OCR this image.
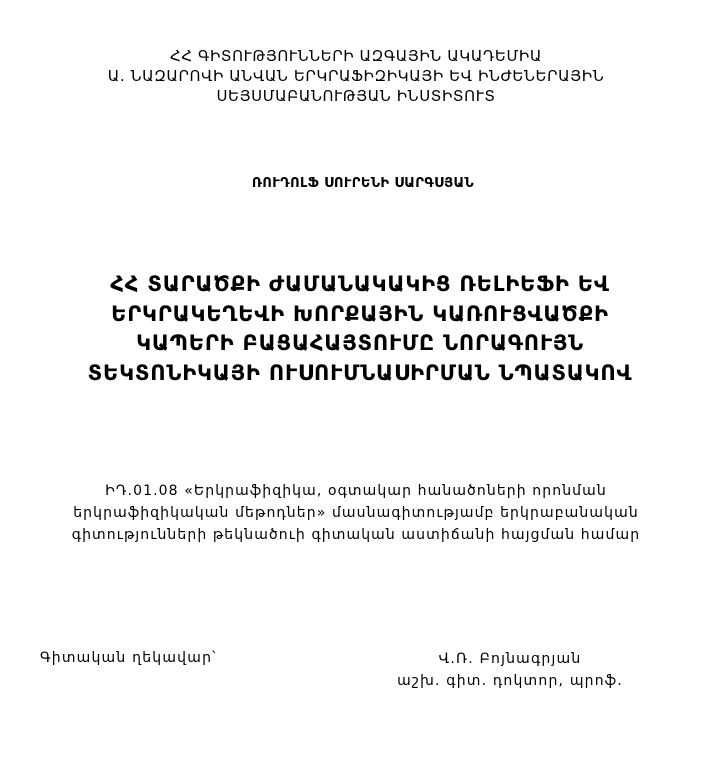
ՀՀ ԳԻՏՈՒԹՅՈՒՆՆԵՐԻ ԱԶԳԱՅԻՆ ԱԿԱԴԵՄԻԱ
Ա. ՆԱԶԱՐՈՎԻ ԱՆՎԱՆ ԵՐԿՐԱՖԻԶԻԿԱՅԻ ԵՎ ԻՆԺԵՆԵՐԱՅԻՆ
ՍԵՅՍՄԱԲԱՆՈՒԹՅԱՆ ԻՆՍՏԻՏՈՒՏ
ՌՈՒԴՈԼՖ ՍՈՒՐԵՆԻ ՍԱՐԳՍՅԱՆ
ՀՀ ՏԱՐԱԾՔԻ ԺԱՄԱՆԱԿԱԿԻՑ ՌԵԼԻԵՖԻ ԵՎ
ԵՐԿՐԱԿԵՂԵՎԻ ԽՈՐՔԱՅԻՆ ԿԱՌՈՒՑՎԱԾՔԻ
ԿԱՊԵՐԻ ԲԱՑԱՀԱՅՏՈՒՄԸ ՆՈՐԱԳՈՒՅՆ
ՏԵԿՏՈՆԻԿԱՅԻ ՈՒՍՈՒՄՆԱՍԻՐՄԱՆ ՆՊԱՏԱԿՈՎ
ԻԴ.01.08 «Երկրաֆիզիկա, օգտակար հանածոների որոնման
երկրաֆիզիկական մեթոդներ» մասնագիտությամբ երկրաբանական
գիտությունների թեկնածուի գիտական աստիճանի հայցման համար
Գիտական ղեկավար՝	Վ.Ռ. Բոյնագրյան
աշխ. գիտ. դոկտոր, պրոֆ.
